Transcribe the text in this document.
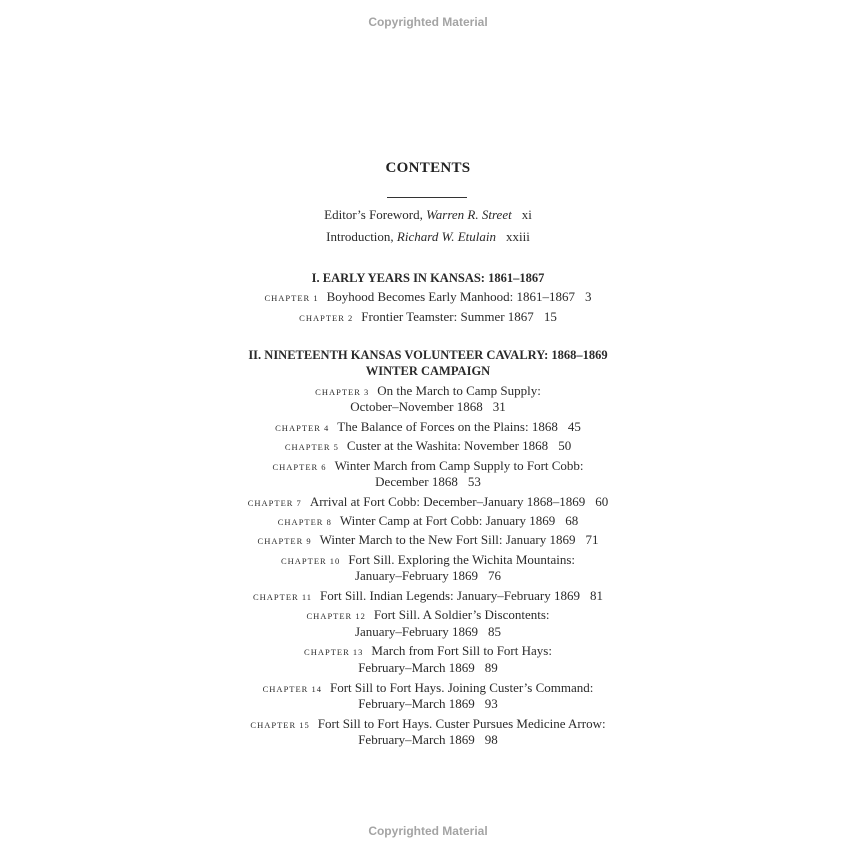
Copyrighted Material
CONTENTS
Editor’s Foreword, Warren R. Street xi
Introduction, Richard W. Etulain xxiii
I. EARLY YEARS IN KANSAS: 1861–1867
CHAPTER 1 Boyhood Becomes Early Manhood: 1861–1867 3
CHAPTER 2 Frontier Teamster: Summer 1867 15
II. NINETEENTH KANSAS VOLUNTEER CAVALRY: 1868–1869
WINTER CAMPAIGN
CHAPTER 3 On the March to Camp Supply:
October–November 1868 31
CHAPTER 4 The Balance of Forces on the Plains: 1868 45
CHAPTER 5 Custer at the Washita: November 1868 50
CHAPTER 6 Winter March from Camp Supply to Fort Cobb:
December 1868 53
CHAPTER 7 Arrival at Fort Cobb: December–January 1868–1869 60
CHAPTER 8 Winter Camp at Fort Cobb: January 1869 68
CHAPTER 9 Winter March to the New Fort Sill: January 1869 71
CHAPTER 10 Fort Sill. Exploring the Wichita Mountains:
January–February 1869 76
CHAPTER 11 Fort Sill. Indian Legends: January–February 1869 81
CHAPTER 12 Fort Sill. A Soldier’s Discontents:
January–February 1869 85
CHAPTER 13 March from Fort Sill to Fort Hays:
February–March 1869 89
CHAPTER 14 Fort Sill to Fort Hays. Joining Custer’s Command:
February–March 1869 93
CHAPTER 15 Fort Sill to Fort Hays. Custer Pursues Medicine Arrow:
February–March 1869 98
Copyrighted Material
